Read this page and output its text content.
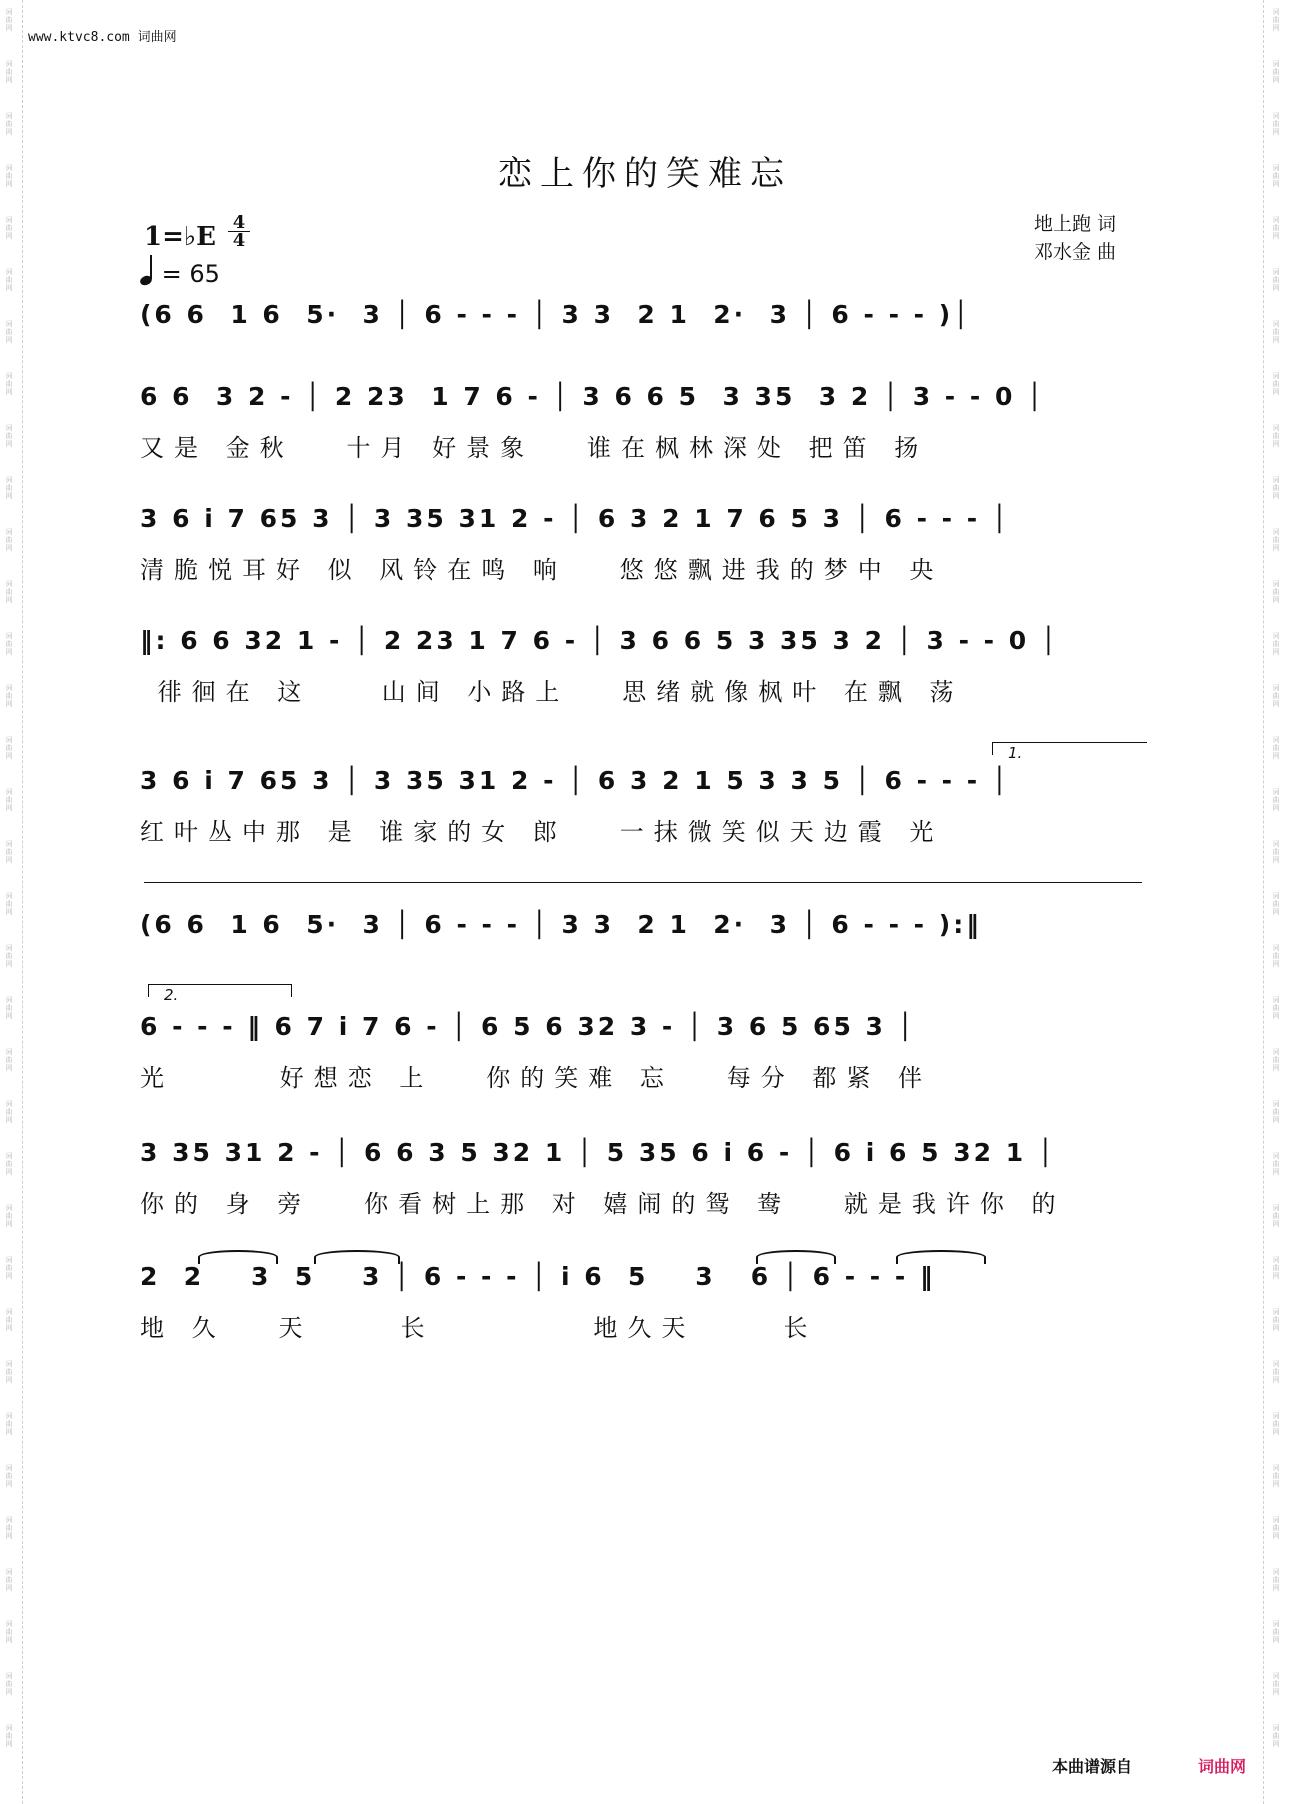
词曲网
词曲网
词曲网
词曲网
词曲网
词曲网
词曲网
词曲网
词曲网
词曲网
词曲网
词曲网
词曲网
词曲网
词曲网
词曲网
词曲网
词曲网
词曲网
词曲网
词曲网
词曲网
词曲网
词曲网
词曲网
词曲网
词曲网
词曲网
词曲网
词曲网
词曲网
词曲网
词曲网
词曲网
词曲网
词曲网
词曲网
词曲网
词曲网
词曲网
词曲网
词曲网
词曲网
词曲网
词曲网
词曲网
词曲网
词曲网
词曲网
词曲网
词曲网
词曲网
词曲网
词曲网
词曲网
词曲网
词曲网
词曲网
词曲网
词曲网
词曲网
词曲网
词曲网
词曲网
词曲网
词曲网
词曲网
词曲网
www.ktvc8.com 词曲网
恋上你的笑难忘
1=♭E $\frac{4}{4}$
= 65
地上跑 词
邓水金 曲
(6 6  1 6  5·  3 │ 6 - - - │ 3 3  2 1  2·  3 │ 6 - - - )│
6 6  3 2 - │ 2 23  1 7 6 - │ 3 6 6 5  3 35  3 2 │ 3 - - 0 │
又是 金秋   十月 好景象   谁在枫林深处 把笛 扬
3 6 i 7 65 3 │ 3 35 31 2 - │ 6 3 2 1 7 6 5 3 │ 6 - - - │
清脆悦耳好 似 风铃在鸣 响   悠悠飘进我的梦中 央
‖: 6 6 32 1 - │ 2 23 1 7 6 - │ 3 6 6 5 3 35 3 2 │ 3 - - 0 │
徘徊在 这    山间 小路上   思绪就像枫叶 在飘 荡
3 6 i 7 65 3 │ 3 35 31 2 - │ 6 3 2 1 5 3 3 5 │ 6 - - - │
红叶丛中那 是 谁家的女 郎   一抹微笑似天边霞 光
1.
(6 6  1 6  5·  3 │ 6 - - - │ 3 3  2 1  2·  3 │ 6 - - - ):‖
2.
6 - - - ‖ 6 7 i 7 6 - │ 6 5 6 32 3 - │ 3 6 5 65 3 │
光      好想恋 上   你的笑难 忘   每分 都紧 伴
3 35 31 2 - │ 6 6 3 5 32 1 │ 5 35 6 i 6 - │ 6 i 6 5 32 1 │
你的 身 旁   你看树上那 对 嬉闹的鸳 鸯   就是我许你 的
2  2    3  5    3 │ 6 - - - │ i 6  5    3   6 │ 6 - - - ‖
地 久   天     长         地久天     长
本曲谱源自	词曲网
